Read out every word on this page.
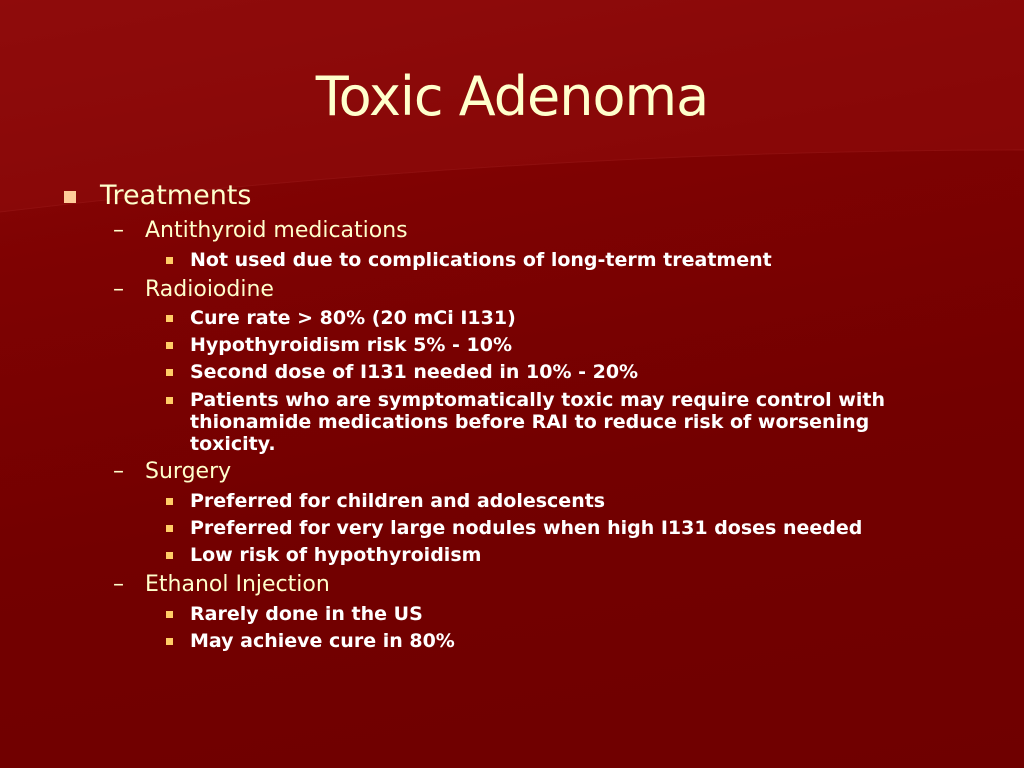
Toxic Adenoma
Treatments
– Antithyroid medications
Not used due to complications of long-term treatment
– Radioiodine
Cure rate > 80% (20 mCi I131)
Hypothyroidism risk 5% - 10%
Second dose of I131 needed in 10% - 20%
Patients who are symptomatically toxic may require control with thionamide medications before RAI to reduce risk of worsening toxicity.
– Surgery
Preferred for children and adolescents
Preferred for very large nodules when high I131 doses needed
Low risk of hypothyroidism
– Ethanol Injection
Rarely done in the US
May achieve cure in 80%
